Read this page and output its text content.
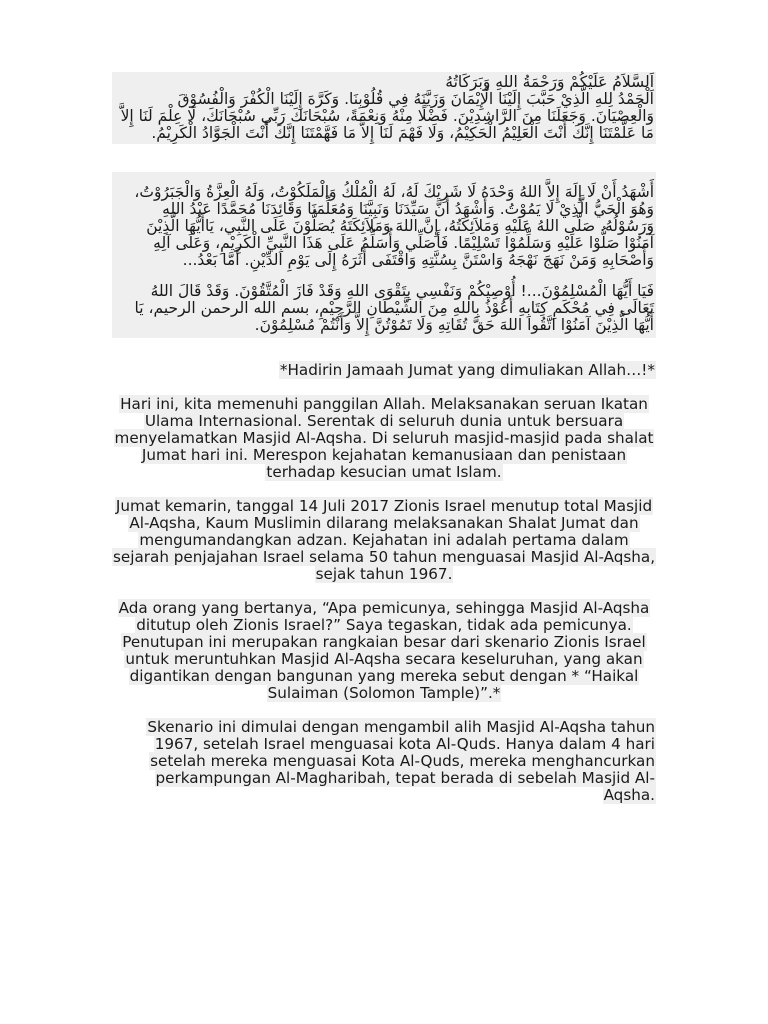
اَلسَّلاَمُ عَلَيْكُمْ وَرَحْمَةُ اللهِ وَبَرَكَاتُهُ

اَلْحَمْدُ لِلهِ الَّذِيْ حَبَّبَ إِلَيْنَا الْإِيْمَانَ وَزَيَّنَهُ فِي قُلُوْبِنَا. وَكَرَّهَ إِلَيْنَا الْكُفْرَ وَالْفُسُوْقَ وَالْعِصْيَانَ. وَجَعَلَنَا مِنَ الرَّاشِدِيْنَ. فَضْلًا مِنْهُ وَنِعْمَةً، سُبْحَانَكَ رَبِّي سُبْحَانَكَ، لَا عِلْمَ لَنَا إِلاَّ مَا عَلَّمْتَنَا إِنَّكَ أَنْتَ الْعَلِيْمُ الْحَكِيْمُ، وَلَا فَهْمَ لَنَا إِلاَّ مَا فَهَّمْتَنَا إِنَّكَ أَنْتَ الْجَوَّادُ الْكَرِيْمُ.

أَشْهَدُ أَنْ لَا إِلَهَ إِلاَّ اللهُ وَحْدَهُ لَا شَرِيْكَ لَهُ، لَهُ الْمُلْكُ وَالْمَلَكُوْتُ، وَلَهُ الْعِزَّةُ وَالْجَبَرُوْتُ، وَهُوَ الْحَيُّ الَّذِيْ لَا يَمُوْتُ. وَأَشْهَدُ أَنَّ سَيِّدَنَا وَنَبِيَّنَا وَمُعَلِّمَنَا وَقَائِدَنَا مُحَمَّدًا عَبْدُ اللهِ وَرَسُوْلُهُ. صَلَّى اللهُ عَلَيْهِ وَمَلاَئِكَتُهُ، إِنَّ اللهَ وَمَلاَئِكَتَهُ يُصَلُّوْنَ عَلَى النَّبِي، يَاأَيُّهَا الَّذِيْنَ آمَنُوْا صَلُّوْا عَلَيْهِ وَسَلِّمُوْا تَسْلِيْمًا. فَأَصَلِّي وَأُسَلِّمُ عَلَى هَذَا النَّبِيِّ الْكَرِيْمِ، وَعَلَى آلِهِ وَأَصْحَابِهِ وَمَنْ نَهَجَ نَهْجَهُ وَاسْتَنَّ بِسُنَّتِهِ وَاقْتَفَى أَثَرَهُ إِلَى يَوْمِ الدِّيْنِ. أَمَّا بَعْدُ...

فَيَا أَيُّهَا الْمُسْلِمُوْنَ...! أُوْصِيْكُمْ وَنَفْسِي بِتَقْوَى اللهِ وَقَدْ فَازَ الْمُتَّقُوْنَ. وَقَدْ قَالَ اللهُ تَعَالَى فِي مُحْكَمِ كِتَابِهِ أَعُوْذُ بِاللهِ مِنَ الشَّيْطَانِ الرَّجِيْمِ، بسم الله الرحمن الرحيم، يَا أَيُّهَا الَّذِيْنَ آمَنُوْا اتَّقُوا اللهَ حَقَّ تُقَاتِهِ وَلَا تَمُوْتُنَّ إِلاَّ وَأَنْتُمْ مُسْلِمُوْنَ.

*Hadirin Jamaah Jumat yang dimuliakan Allah…!*

Hari ini, kita memenuhi panggilan Allah. Melaksanakan seruan Ikatan Ulama Internasional. Serentak di seluruh dunia untuk bersuara menyelamatkan Masjid Al-Aqsha. Di seluruh masjid-masjid pada shalat Jumat hari ini. Merespon kejahatan kemanusiaan dan penistaan terhadap kesucian umat Islam.

Jumat kemarin, tanggal 14 Juli 2017 Zionis Israel menutup total Masjid Al-Aqsha, Kaum Muslimin dilarang melaksanakan Shalat Jumat dan mengumandangkan adzan. Kejahatan ini adalah pertama dalam sejarah penjajahan Israel selama 50 tahun menguasai Masjid Al-Aqsha, sejak tahun 1967.

Ada orang yang bertanya, “Apa pemicunya, sehingga Masjid Al-Aqsha ditutup oleh Zionis Israel?” Saya tegaskan, tidak ada pemicunya. Penutupan ini merupakan rangkaian besar dari skenario Zionis Israel untuk meruntuhkan Masjid Al-Aqsha secara keseluruhan, yang akan digantikan dengan bangunan yang mereka sebut dengan * “Haikal Sulaiman (Solomon Tample)”.*

Skenario ini dimulai dengan mengambil alih Masjid Al-Aqsha tahun 1967, setelah Israel menguasai kota Al-Quds. Hanya dalam 4 hari setelah mereka menguasai Kota Al-Quds, mereka menghancurkan perkampungan Al-Magharibah, tepat berada di sebelah Masjid Al-Aqsha.
